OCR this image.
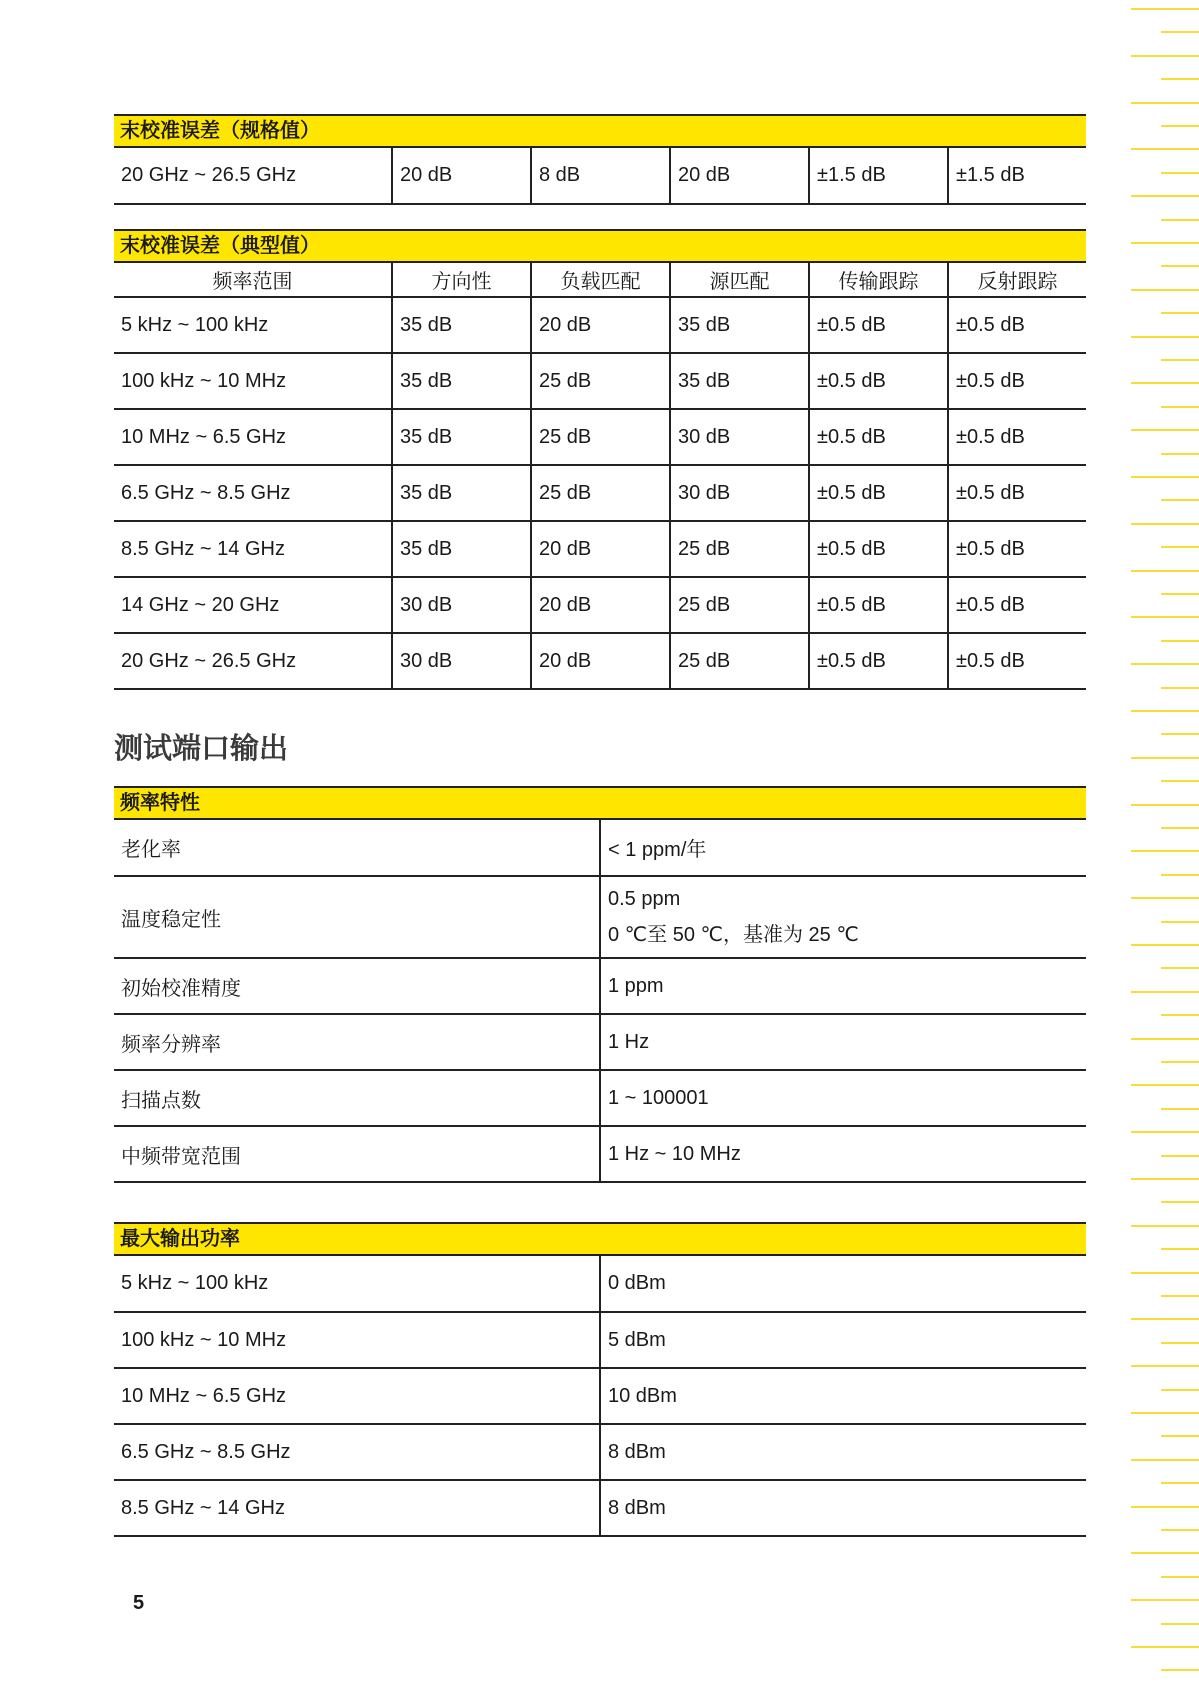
末校准误差（规格值）
20 GHz ~ 26.5 GHz	20 dB	8 dB	20 dB	±1.5 dB	±1.5 dB
末校准误差（典型值）
频率范围	方向性	负载匹配	源匹配	传输跟踪	反射跟踪
5 kHz ~ 100 kHz	35 dB	20 dB	35 dB	±0.5 dB	±0.5 dB
100 kHz ~ 10 MHz	35 dB	25 dB	35 dB	±0.5 dB	±0.5 dB
10 MHz ~ 6.5 GHz	35 dB	25 dB	30 dB	±0.5 dB	±0.5 dB
6.5 GHz ~ 8.5 GHz	35 dB	25 dB	30 dB	±0.5 dB	±0.5 dB
8.5 GHz ~ 14 GHz	35 dB	20 dB	25 dB	±0.5 dB	±0.5 dB
14 GHz ~ 20 GHz	30 dB	20 dB	25 dB	±0.5 dB	±0.5 dB
20 GHz ~ 26.5 GHz	30 dB	20 dB	25 dB	±0.5 dB	±0.5 dB
测试端口输出
频率特性
老化率	< 1 ppm/年
温度稳定性	0.5 ppm
0 ℃至 50 ℃，基准为 25 ℃

初始校准精度	1 ppm
频率分辨率	1 Hz
扫描点数	1 ~ 100001
中频带宽范围	1 Hz ~ 10 MHz
最大输出功率
5 kHz ~ 100 kHz	0 dBm
100 kHz ~ 10 MHz	5 dBm
10 MHz ~ 6.5 GHz	10 dBm
6.5 GHz ~ 8.5 GHz	8 dBm
8.5 GHz ~ 14 GHz	8 dBm
5
